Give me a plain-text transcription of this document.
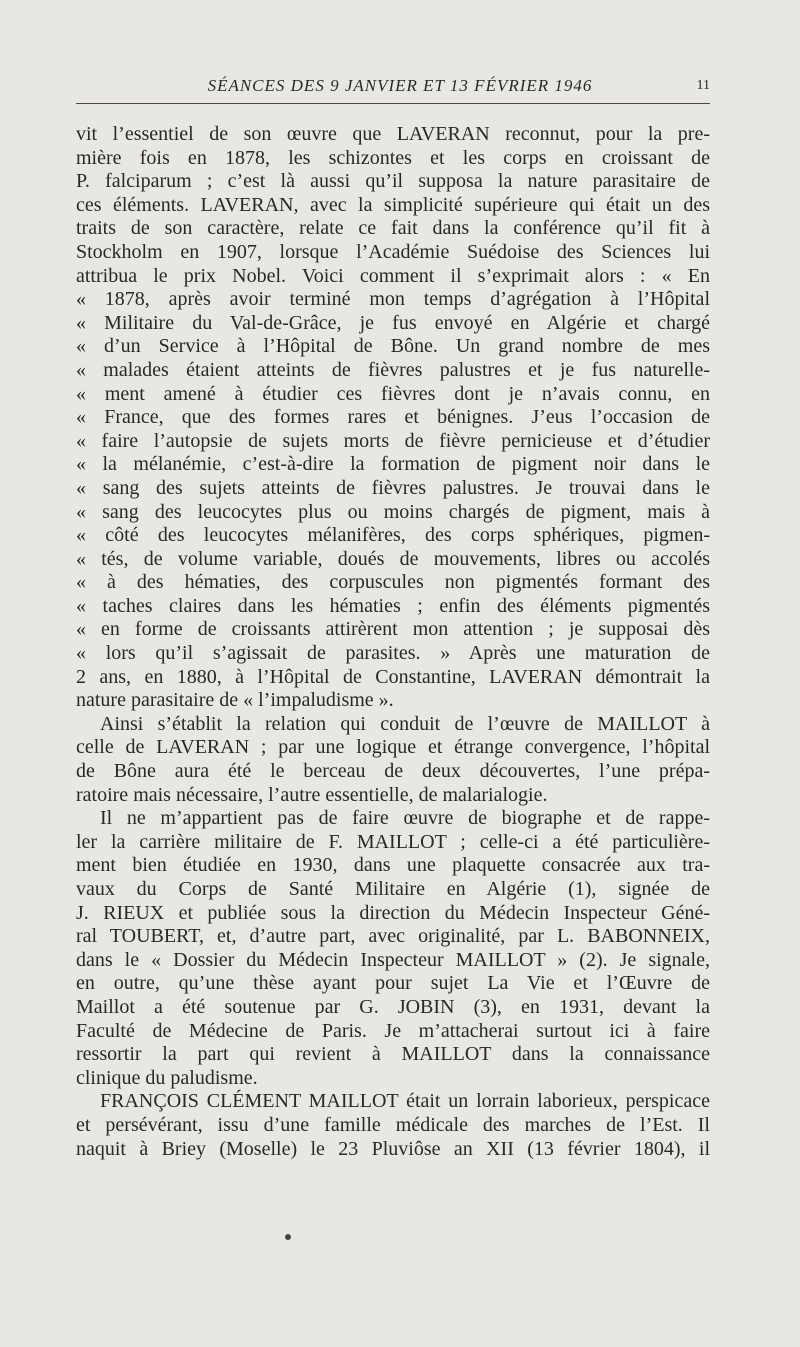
SÉANCES DES 9 JANVIER ET 13 FÉVRIER 1946	11
vit l’essentiel de son œuvre que LAVERAN reconnut, pour la pre-
mière fois en 1878, les schizontes et les corps en croissant de
P. falciparum ; c’est là aussi qu’il supposa la nature parasitaire de
ces éléments. LAVERAN, avec la simplicité supérieure qui était un des
traits de son caractère, relate ce fait dans la conférence qu’il fit à
Stockholm en 1907, lorsque l’Académie Suédoise des Sciences lui
attribua le prix Nobel. Voici comment il s’exprimait alors : « En
« 1878, après avoir terminé mon temps d’agrégation à l’Hôpital
« Militaire du Val-de-Grâce, je fus envoyé en Algérie et chargé
« d’un Service à l’Hôpital de Bône. Un grand nombre de mes
« malades étaient atteints de fièvres palustres et je fus naturelle-
« ment amené à étudier ces fièvres dont je n’avais connu, en
« France, que des formes rares et bénignes. J’eus l’occasion de
« faire l’autopsie de sujets morts de fièvre pernicieuse et d’étudier
« la mélanémie, c’est-à-dire la formation de pigment noir dans le
« sang des sujets atteints de fièvres palustres. Je trouvai dans le
« sang des leucocytes plus ou moins chargés de pigment, mais à
« côté des leucocytes mélanifères, des corps sphériques, pigmen-
« tés, de volume variable, doués de mouvements, libres ou accolés
« à des hématies, des corpuscules non pigmentés formant des
« taches claires dans les hématies ; enfin des éléments pigmentés
« en forme de croissants attirèrent mon attention ; je supposai dès
« lors qu’il s’agissait de parasites. » Après une maturation de
2 ans, en 1880, à l’Hôpital de Constantine, LAVERAN démontrait la
nature parasitaire de « l’impaludisme ».
Ainsi s’établit la relation qui conduit de l’œuvre de MAILLOT à
celle de LAVERAN ; par une logique et étrange convergence, l’hôpital
de Bône aura été le berceau de deux découvertes, l’une prépa-
ratoire mais nécessaire, l’autre essentielle, de malarialogie.
Il ne m’appartient pas de faire œuvre de biographe et de rappe-
ler la carrière militaire de F. MAILLOT ; celle-ci a été particulière-
ment bien étudiée en 1930, dans une plaquette consacrée aux tra-
vaux du Corps de Santé Militaire en Algérie (1), signée de
J. RIEUX et publiée sous la direction du Médecin Inspecteur Géné-
ral TOUBERT, et, d’autre part, avec originalité, par L. BABONNEIX,
dans le « Dossier du Médecin Inspecteur MAILLOT » (2). Je signale,
en outre, qu’une thèse ayant pour sujet La Vie et l’Œuvre de
Maillot a été soutenue par G. JOBIN (3), en 1931, devant la
Faculté de Médecine de Paris. Je m’attacherai surtout ici à faire
ressortir la part qui revient à MAILLOT dans la connaissance
clinique du paludisme.
FRANÇOIS CLÉMENT MAILLOT était un lorrain laborieux, perspicace
et persévérant, issu d’une famille médicale des marches de l’Est. Il
naquit à Briey (Moselle) le 23 Pluviôse an XII (13 février 1804), il
